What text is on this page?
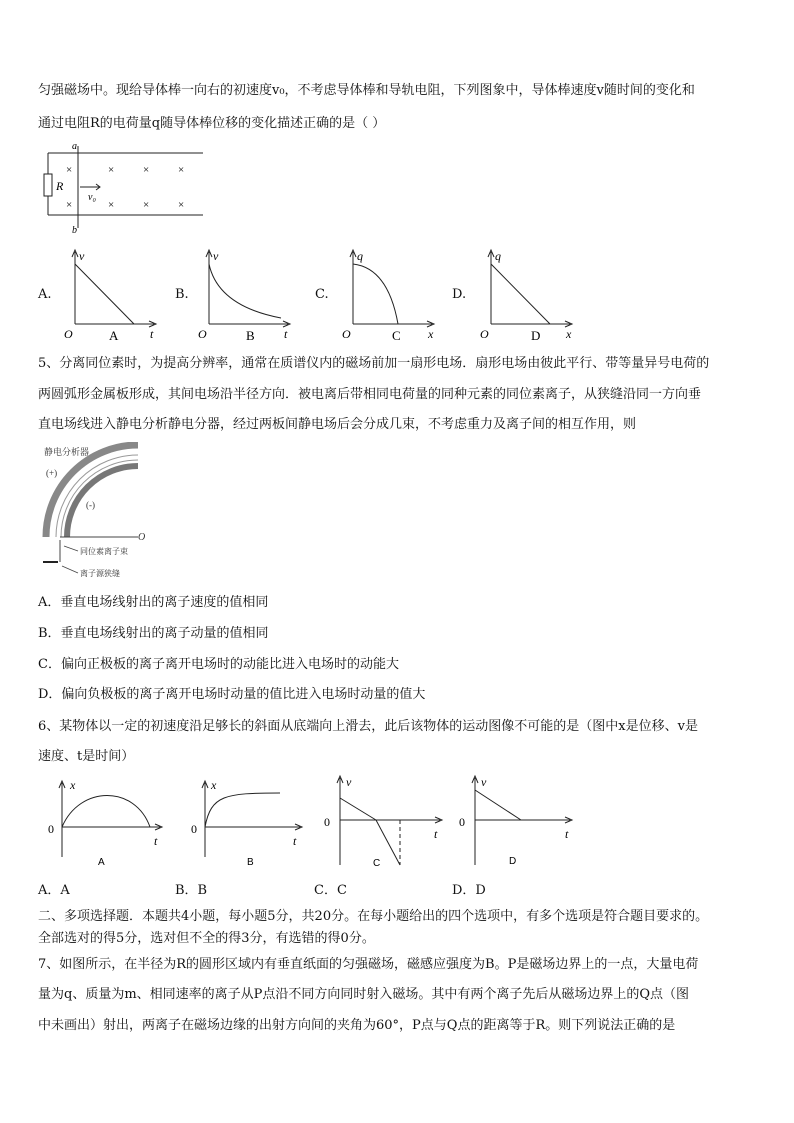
匀强磁场中。现给导体棒一向右的初速度v₀，不考虑导体棒和导轨电阻，下列图象中，导体棒速度v随时间的变化和
通过电阻R的电荷量q随导体棒位移的变化描述正确的是（ ）
a
b
R
v₀
×	×	×	×
×	×	×	×
A.
v
t
O	A
B.
v
t
O	B
C.
q
x
O	C
D.
q
x
O	D
5、分离同位素时，为提高分辨率，通常在质谱仪内的磁场前加一扇形电场．扇形电场由彼此平行、带等量异号电荷的
两圆弧形金属板形成，其间电场沿半径方向．被电离后带相同电荷量的同种元素的同位素离子，从狭缝沿同一方向垂
直电场线进入静电分析静电分器，经过两板间静电场后会分成几束，不考虑重力及离子间的相互作用，则
静电分析器
(+)
(-)
O
同位素离子束
离子源狭缝
A．垂直电场线射出的离子速度的值相同
B．垂直电场线射出的离子动量的值相同
C．偏向正极板的离子离开电场时的动能比进入电场时的动能大
D．偏向负极板的离子离开电场时动量的值比进入电场时动量的值大
6、某物体以一定的初速度沿足够长的斜面从底端向上滑去，此后该物体的运动图像不可能的是（图中x是位移、v是
速度、t是时间）
x
t
0
A
x
t
0
B
v
t
0
C
v
t
0
D
A．A	B．B	C．C	D．D
二、多项选择题．本题共4小题，每小题5分，共20分。在每小题给出的四个选项中，有多个选项是符合题目要求的。
全部选对的得5分，选对但不全的得3分，有选错的得0分。
7、如图所示，在半径为R的圆形区域内有垂直纸面的匀强磁场，磁感应强度为B。P是磁场边界上的一点，大量电荷
量为q、质量为m、相同速率的离子从P点沿不同方向同时射入磁场。其中有两个离子先后从磁场边界上的Q点（图
中未画出）射出，两离子在磁场边缘的出射方向间的夹角为60°，P点与Q点的距离等于R。则下列说法正确的是
